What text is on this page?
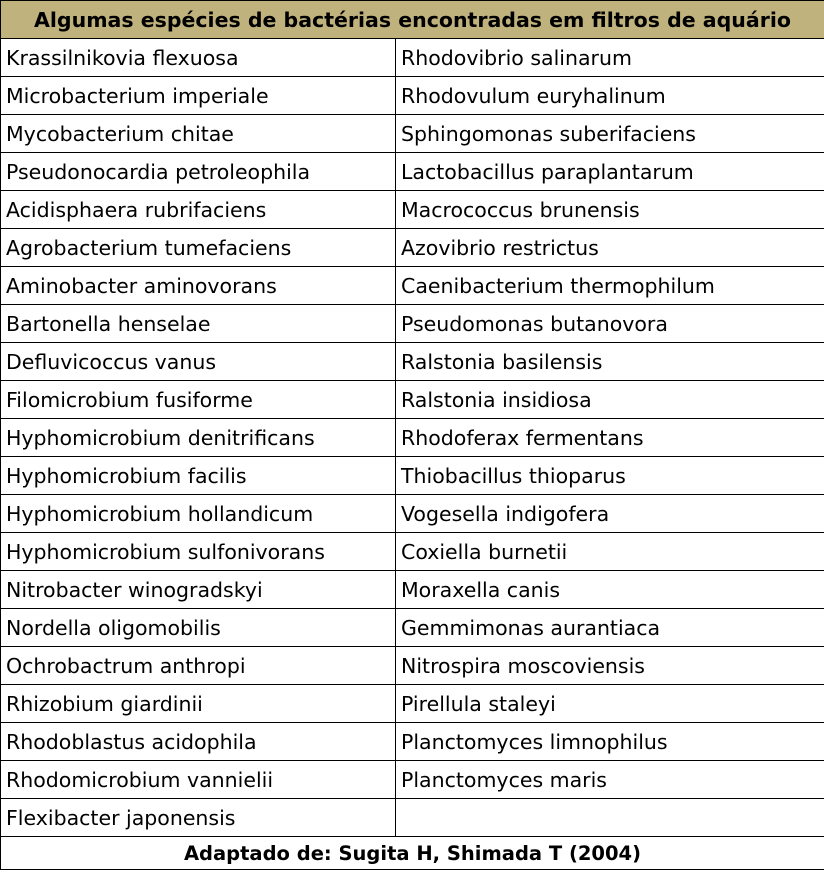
Algumas espécies de bactérias encontradas em filtros de aquário	
Krassilnikovia flexuosa	Rhodovibrio salinarum
Microbacterium imperiale	Rhodovulum euryhalinum
Mycobacterium chitae	Sphingomonas suberifaciens
Pseudonocardia petroleophila	Lactobacillus paraplantarum
Acidisphaera rubrifaciens	Macrococcus brunensis
Agrobacterium tumefaciens	Azovibrio restrictus
Aminobacter aminovorans	Caenibacterium thermophilum
Bartonella henselae	Pseudomonas butanovora
Defluvicoccus vanus	Ralstonia basilensis
Filomicrobium fusiforme	Ralstonia insidiosa
Hyphomicrobium denitrificans	Rhodoferax fermentans
Hyphomicrobium facilis	Thiobacillus thioparus
Hyphomicrobium hollandicum	Vogesella indigofera
Hyphomicrobium sulfonivorans	Coxiella burnetii
Nitrobacter winogradskyi	Moraxella canis
Nordella oligomobilis	Gemmimonas aurantiaca
Ochrobactrum anthropi	Nitrospira moscoviensis
Rhizobium giardinii	Pirellula staleyi
Rhodoblastus acidophila	Planctomyces limnophilus
Rhodomicrobium vannielii	Planctomyces maris
Flexibacter japonensis	
Adaptado de: Sugita H, Shimada T (2004)	
